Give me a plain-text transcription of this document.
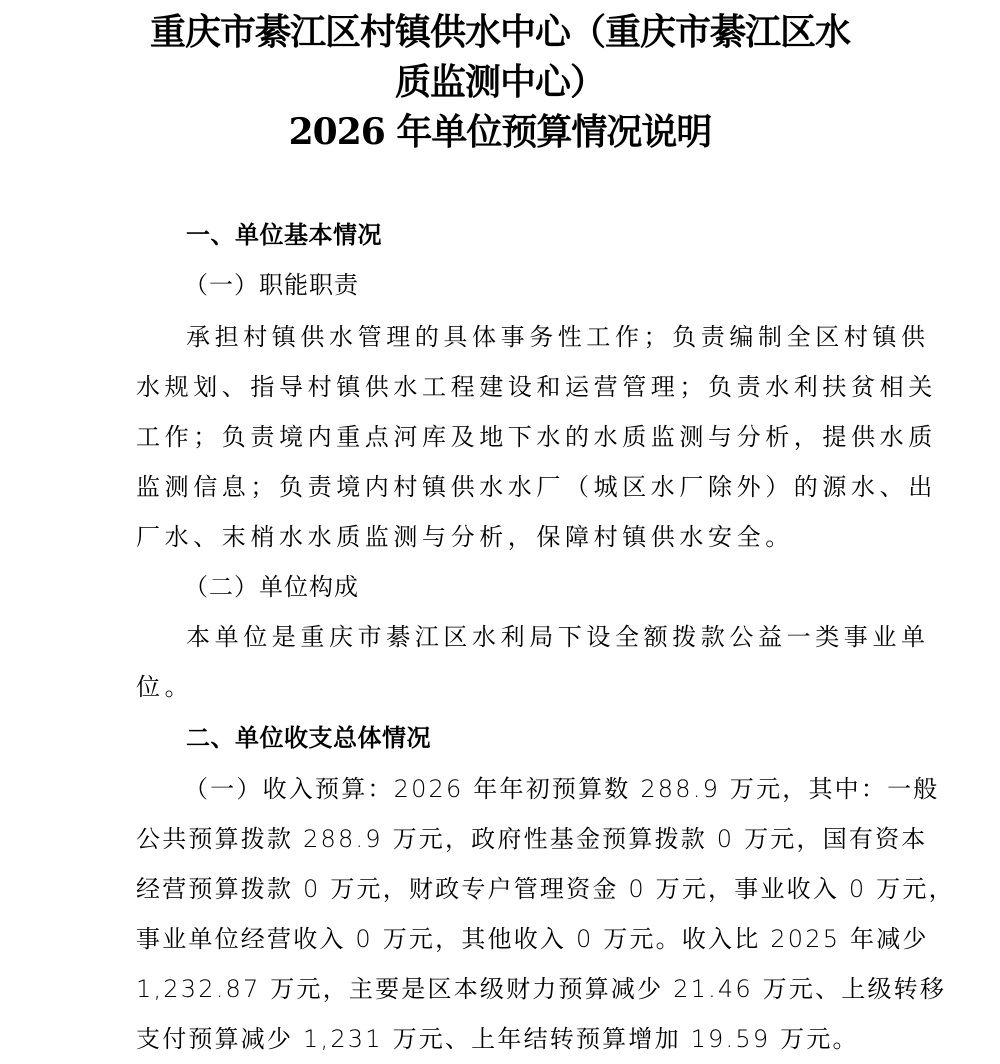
重庆市綦江区村镇供水中心（重庆市綦江区水
质监测中心）
2026 年单位预算情况说明
一、单位基本情况
（一）职能职责
承担村镇供水管理的具体事务性工作；负责编制全区村镇供
水规划、指导村镇供水工程建设和运营管理；负责水利扶贫相关
工作；负责境内重点河库及地下水的水质监测与分析，提供水质
监测信息；负责境内村镇供水水厂（城区水厂除外）的源水、出
厂水、末梢水水质监测与分析，保障村镇供水安全。
（二）单位构成
本单位是重庆市綦江区水利局下设全额拨款公益一类事业单
位。
二、单位收支总体情况
（一）收入预算：2026 年年初预算数 288.9 万元，其中：一般
公共预算拨款 288.9 万元，政府性基金预算拨款 0 万元，国有资本
经营预算拨款 0 万元，财政专户管理资金 0 万元，事业收入 0 万元，
事业单位经营收入 0 万元，其他收入 0 万元。收入比 2025 年减少
1,232.87 万元，主要是区本级财力预算减少 21.46 万元、上级转移
支付预算减少 1,231 万元、上年结转预算增加 19.59 万元。
